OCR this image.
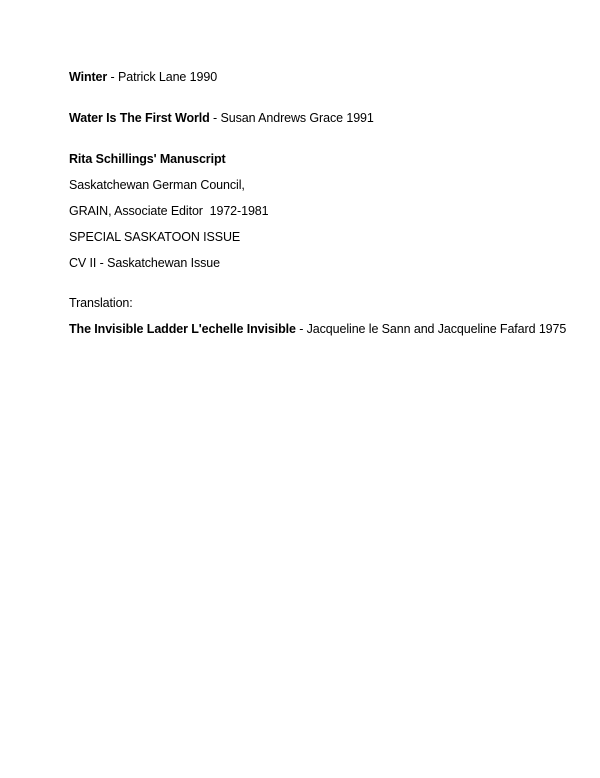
Winter - Patrick Lane 1990
Water Is The First World - Susan Andrews Grace 1991
Rita Schillings' Manuscript
Saskatchewan German Council,
GRAIN, Associate Editor  1972-1981
SPECIAL SASKATOON ISSUE
CV II - Saskatchewan Issue
Translation:
The Invisible Ladder L'echelle Invisible - Jacqueline le Sann and Jacqueline Fafard 1975
